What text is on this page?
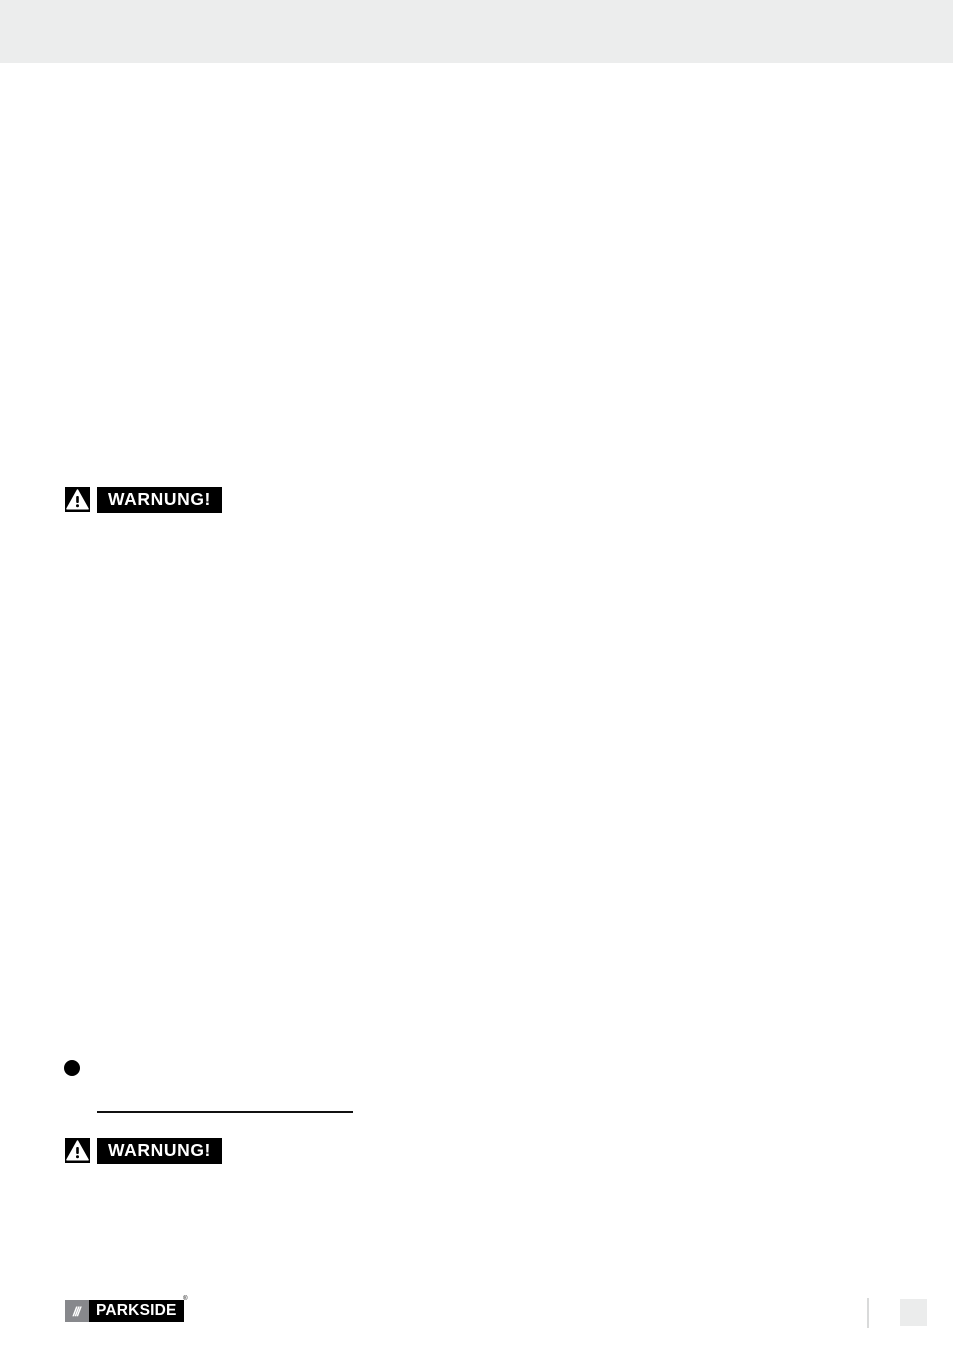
WARNUNG!
WARNUNG!
///	PARKSIDE
®
